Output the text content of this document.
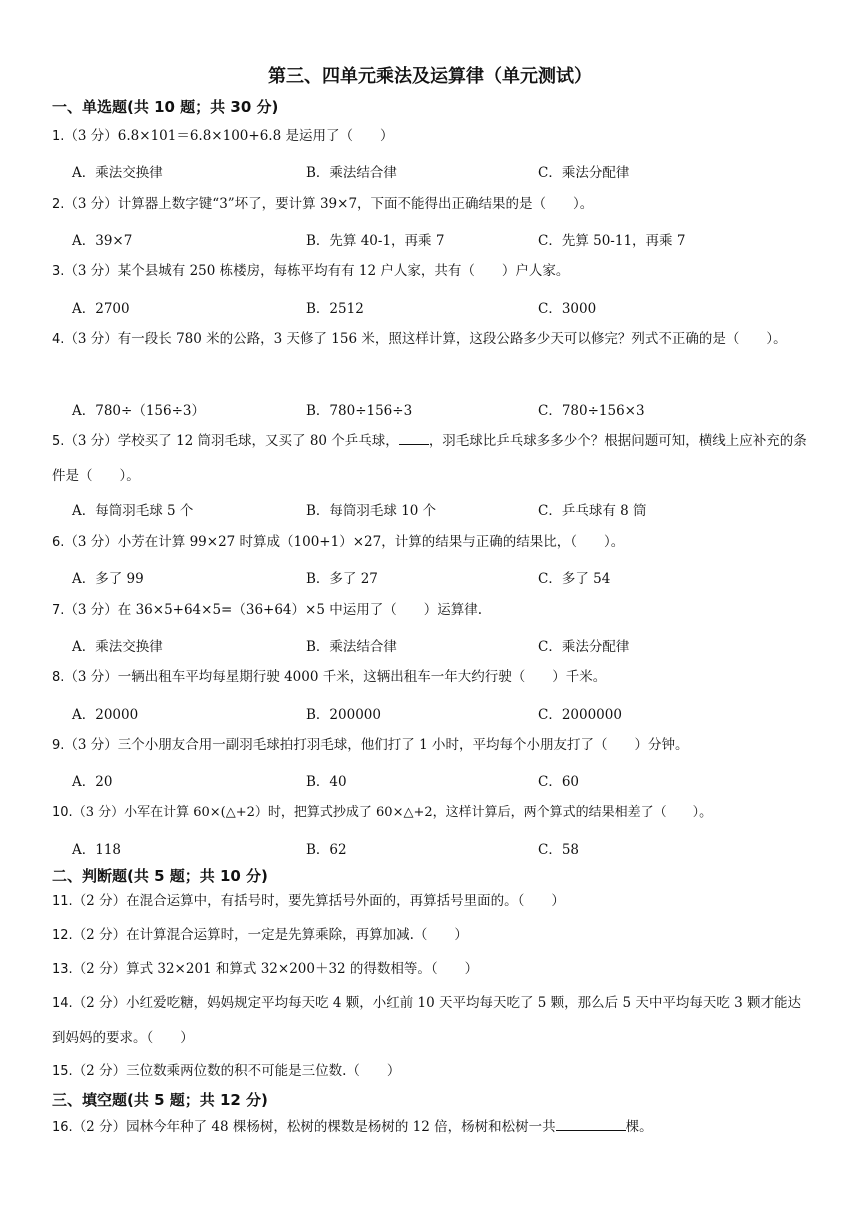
第三、四单元乘法及运算律（单元测试）
一、单选题(共 10 题；共 30 分)
1.（3 分）6.8×101＝6.8×100+6.8 是运用了（　　）
A．乘法交换律	B．乘法结合律	C．乘法分配律
2.（3 分）计算器上数字键“3”坏了，要计算 39×7，下面不能得出正确结果的是（　　）。
A．39×7	B．先算 40-1，再乘 7	C．先算 50-11，再乘 7
3.（3 分）某个县城有 250 栋楼房，每栋平均有有 12 户人家，共有（　　）户人家。
A．2700	B．2512	C．3000
4.（3 分）有一段长 780 米的公路，3 天修了 156 米，照这样计算，这段公路多少天可以修完？列式不正确的是（　　）。
A．780÷（156÷3）	B．780÷156÷3	C．780÷156×3
5.（3 分）学校买了 12 筒羽毛球，又买了 80 个乒乓球， ，羽毛球比乒乓球多多少个？根据问题可知，横线上应补充的条件是（　　）。
A．每筒羽毛球 5 个	B．每筒羽毛球 10 个	C．乒乓球有 8 筒
6.（3 分）小芳在计算 99×27 时算成（100+1）×27，计算的结果与正确的结果比，（　　）。
A．多了 99	B．多了 27	C．多了 54
7.（3 分）在 36×5+64×5=（36+64）×5 中运用了（　　）运算律.
A．乘法交换律	B．乘法结合律	C．乘法分配律
8.（3 分）一辆出租车平均每星期行驶 4000 千米，这辆出租车一年大约行驶（　　）千米。
A．20000	B．200000	C．2000000
9.（3 分）三个小朋友合用一副羽毛球拍打羽毛球，他们打了 1 小时，平均每个小朋友打了（　　）分钟。
A．20	B．40	C．60
10.（3 分）小军在计算 60×(△+2）时，把算式抄成了 60×△+2，这样计算后，两个算式的结果相差了（　　）。
A．118	B．62	C．58
二、判断题(共 5 题；共 10 分)
11.（2 分）在混合运算中，有括号时，要先算括号外面的，再算括号里面的。（　　）
12.（2 分）在计算混合运算时，一定是先算乘除，再算加减.（　　）
13.（2 分）算式 32×201 和算式 32×200＋32 的得数相等。（　　）
14.（2 分）小红爱吃糖，妈妈规定平均每天吃 4 颗，小红前 10 天平均每天吃了 5 颗，那么后 5 天中平均每天吃 3 颗才能达到妈妈的要求。（　　）
15.（2 分）三位数乘两位数的积不可能是三位数.（　　）
三、填空题(共 5 题；共 12 分)
16.（2 分）园林今年种了 48 棵杨树，松树的棵数是杨树的 12 倍，杨树和松树一共	棵。
